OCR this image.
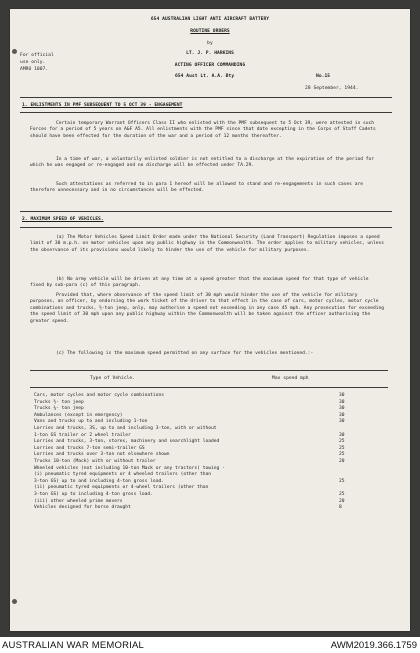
654 AUSTRALIAN LIGHT ANTI AIRCRAFT BATTERY
ROUTINE ORDERS
by
LT. J. P. HARKINS
For official
use only.
AMRO 1007.
ACTING OFFICER COMMANDING
654 Aust Lt. A.A. Bty	No.15
28 September, 1944.
1. ENLISTMENTS IN PMF SUBSEQUENT TO 5 OCT 39 - ENGAGEMENT
Certain temporary Warrant Officers Class II who enlisted with the PMF subsequent to 5 Oct 39, were attested in such Forces for a period of 5 years on A&F A5. All enlistments with the PMF since that date excepting in the Corps of Staff Cadets should have been effected for the duration of the war and a period of 12 months thereafter.
In a time of war, a voluntarily enlisted soldier is not entitled to a discharge at the expiration of the period for which he was engaged or re-engaged and no discharge will be effected under TA.29.
Such attestations as referred to in para 1 hereof will be allowed to stand and re-engagements in such cases are therefore unnecessary and in no circumstances will be effected.
2. MAXIMUM SPEED OF VEHICLES.
(a) The Motor Vehicles Speed Limit Order made under the National Security (Land Transport) Regulation imposes a speed limit of 30 m.p.h. on motor vehicles upon any public highway in the Commonwealth. The order applies to military vehicles, unless the observance of its provisions would likely to hinder the use of the vehicle for military purposes.
(b) No army vehicle will be driven at any time at a speed greater that the maximum speed for that type of vehicle fixed by sub-para (c) of this paragraph.
Provided that, where observance of the speed limit of 30 mph would hinder the use of the vehicle for military purposes, an officer, by endorsing the work ticket of the driver to that effect in the case of cars, motor cycles, motor cycle combinations and trucks, ½-ton jeep, only, may authorise a speed not exceeding in any case 45 mph. Any prosecution for exceeding the speed limit of 30 mph upon any public highway within the Commonwealth will be taken against the officer authorising the greater speed.
(c) The following is the maximum speed permitted on any surface for the vehicles mentioned.:-
Type of Vehicle.	Max speed mph
Cars, motor cycles and motor cycle combinations	30
Trucks ½- ton jeep	30
Trucks ¾- ton jeep	30
Ambulances (except in emergency)	30
Vans and trucks up to and including 1-ton	30
Lorries and trucks, 3S, up to and including 3-ton, with or without
1-ton GS trailer or 2 wheel trailer	30
Lorries and trucks, 3-ton, stores, machinery and searchlight loaded	25
Lorries and trucks 7-ton semi-trailer GS	25
Lorries and trucks over 3-ton not elsewhere shown	25
Trucks 10-ton (Mack) with or without trailer	20
Wheeled vehicles (not including 10-ton Mack or any tractors) towing -
(i) pneumatic tyred equipments or 4 wheeled trailers (other than
3-ton GS) up to and including 4-ton gross load.	25
(ii) pneumatic tyred equipments or 4-wheel trailers (other than
3-ton GS) up to including 4-ton gross load.	25
(iii) other wheeled prime movers	20
Vehicles designed for horse draught	8
AUSTRALIAN WAR MEMORIAL	AWM2019.366.1759
